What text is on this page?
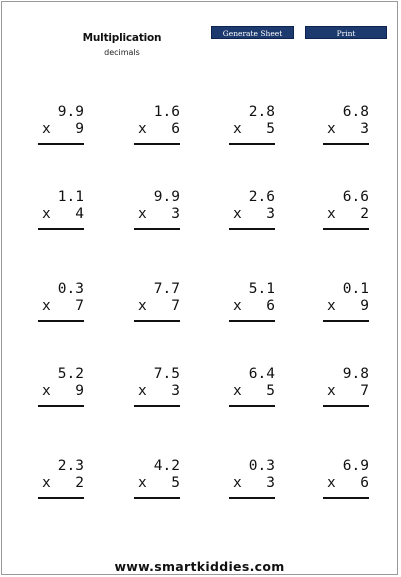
Multiplication
decimals
Generate Sheet	Print
9.9
x 9
1.6
x 6
2.8
x 5
6.8
x 3
1.1
x 4
9.9
x 3
2.6
x 3
6.6
x 2
0.3
x 7
7.7
x 7
5.1
x 6
0.1
x 9
5.2
x 9
7.5
x 3
6.4
x 5
9.8
x 7
2.3
x 2
4.2
x 5
0.3
x 3
6.9
x 6
www.smartkiddies.com
